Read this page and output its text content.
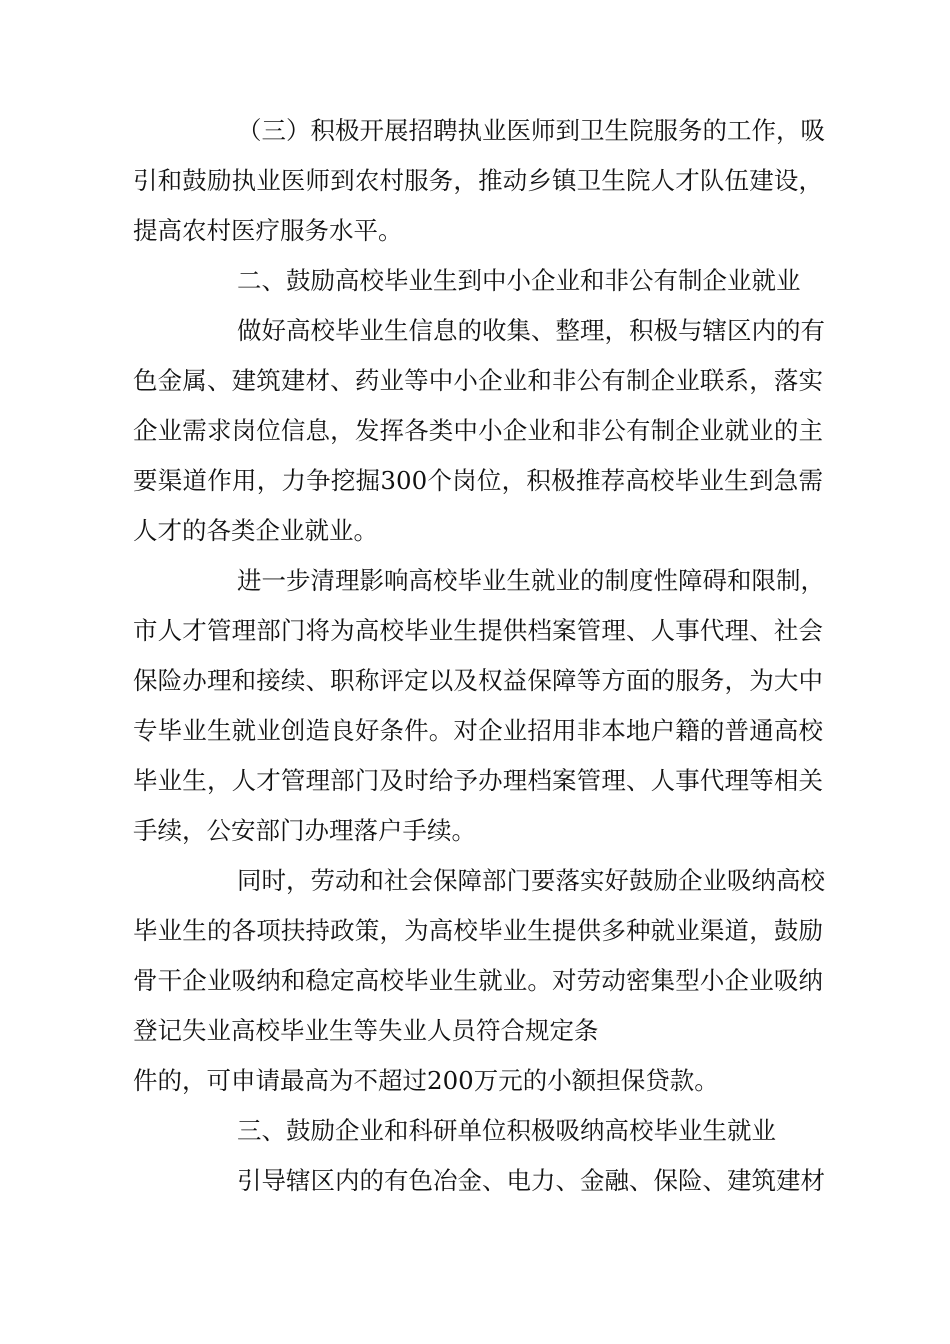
（三）积极开展招聘执业医师到卫生院服务的工作，吸
引和鼓励执业医师到农村服务，推动乡镇卫生院人才队伍建设，
提高农村医疗服务水平。
二、鼓励高校毕业生到中小企业和非公有制企业就业
做好高校毕业生信息的收集、整理，积极与辖区内的有
色金属、建筑建材、药业等中小企业和非公有制企业联系，落实
企业需求岗位信息，发挥各类中小企业和非公有制企业就业的主
要渠道作用，力争挖掘300个岗位，积极推荐高校毕业生到急需
人才的各类企业就业。
进一步清理影响高校毕业生就业的制度性障碍和限制，
市人才管理部门将为高校毕业生提供档案管理、人事代理、社会
保险办理和接续、职称评定以及权益保障等方面的服务，为大中
专毕业生就业创造良好条件。对企业招用非本地户籍的普通高校
毕业生，人才管理部门及时给予办理档案管理、人事代理等相关
手续，公安部门办理落户手续。
同时，劳动和社会保障部门要落实好鼓励企业吸纳高校
毕业生的各项扶持政策，为高校毕业生提供多种就业渠道，鼓励
骨干企业吸纳和稳定高校毕业生就业。对劳动密集型小企业吸纳
登记失业高校毕业生等失业人员符合规定条
件的，可申请最高为不超过200万元的小额担保贷款。
三、鼓励企业和科研单位积极吸纳高校毕业生就业
引导辖区内的有色冶金、电力、金融、保险、建筑建材
